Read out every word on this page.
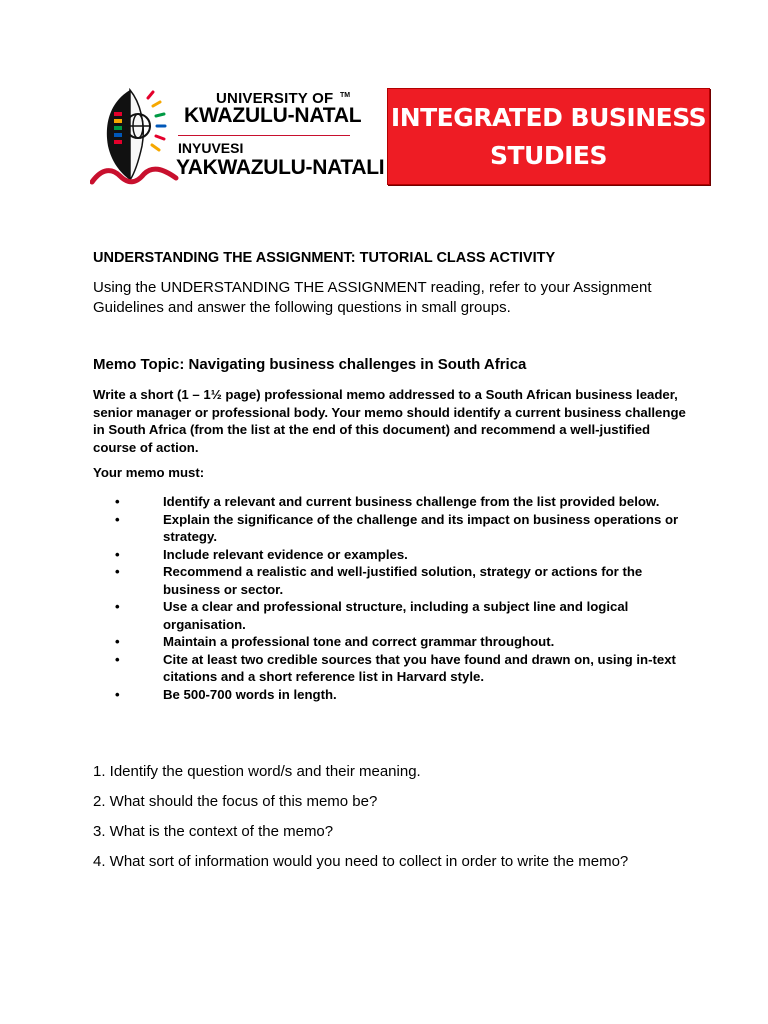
UNIVERSITY OF TM
KWAZULU-NATAL
INYUVESI
YAKWAZULU-NATALI
INTEGRATED BUSINESS
STUDIES
UNDERSTANDING THE ASSIGNMENT: TUTORIAL CLASS ACTIVITY
Using the UNDERSTANDING THE ASSIGNMENT reading, refer to your Assignment Guidelines and answer the following questions in small groups.
Memo Topic: Navigating business challenges in South Africa
Write a short (1 – 1½ page) professional memo addressed to a South African business leader, senior manager or professional body. Your memo should identify a current business challenge in South Africa (from the list at the end of this document) and recommend a well-justified course of action.
Your memo must:
•	Identify a relevant and current business challenge from the list provided below.
•	Explain the significance of the challenge and its impact on business operations or strategy.
•	Include relevant evidence or examples.
•	Recommend a realistic and well-justified solution, strategy or actions for the business or sector.
•	Use a clear and professional structure, including a subject line and logical organisation.
•	Maintain a professional tone and correct grammar throughout.
•	Cite at least two credible sources that you have found and drawn on, using in-text citations and a short reference list in Harvard style.
•	Be 500-700 words in length.
1. Identify the question word/s and their meaning.
2. What should the focus of this memo be?
3. What is the context of the memo?
4. What sort of information would you need to collect in order to write the memo?
